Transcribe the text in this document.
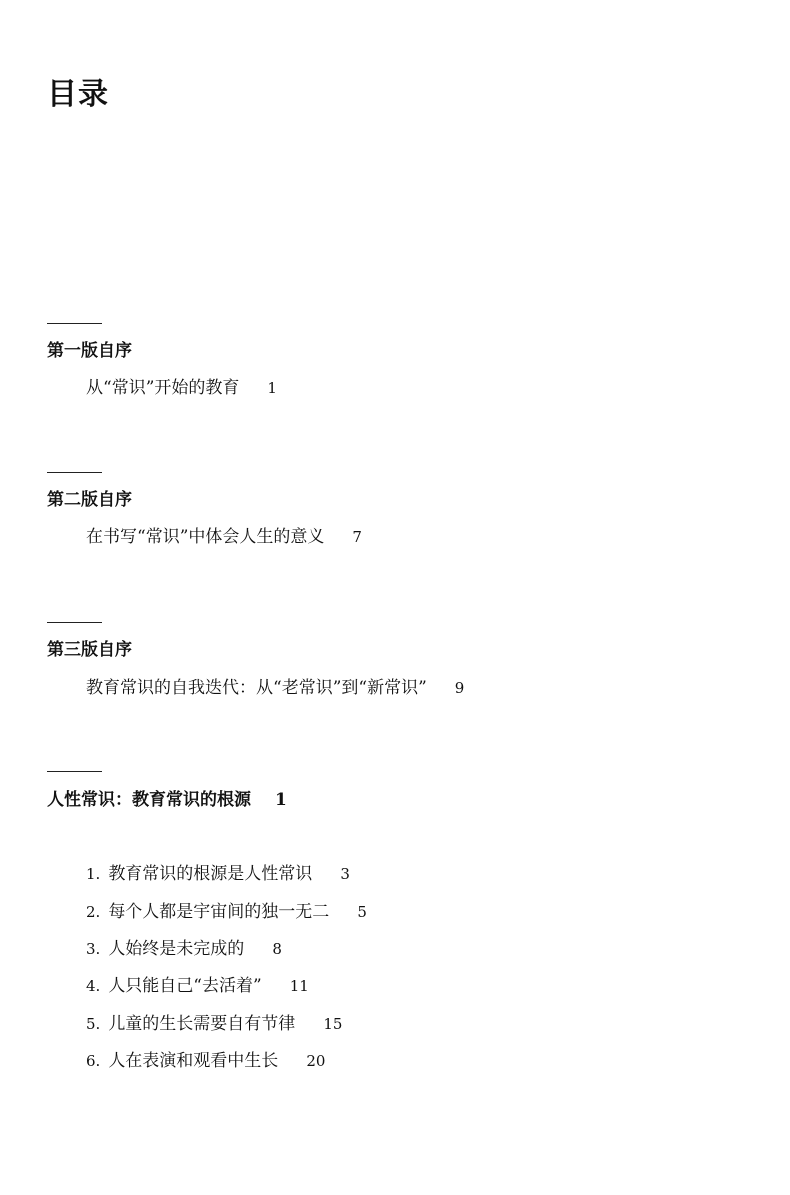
目录
第一版自序
从“常识”开始的教育 1
第二版自序
在书写“常识”中体会人生的意义 7
第三版自序
教育常识的自我迭代：从“老常识”到“新常识” 9
人性常识：教育常识的根源 1
1. 教育常识的根源是人性常识 3
2. 每个人都是宇宙间的独一无二 5
3. 人始终是未完成的 8
4. 人只能自己“去活着” 11
5. 儿童的生长需要自有节律 15
6. 人在表演和观看中生长 20
